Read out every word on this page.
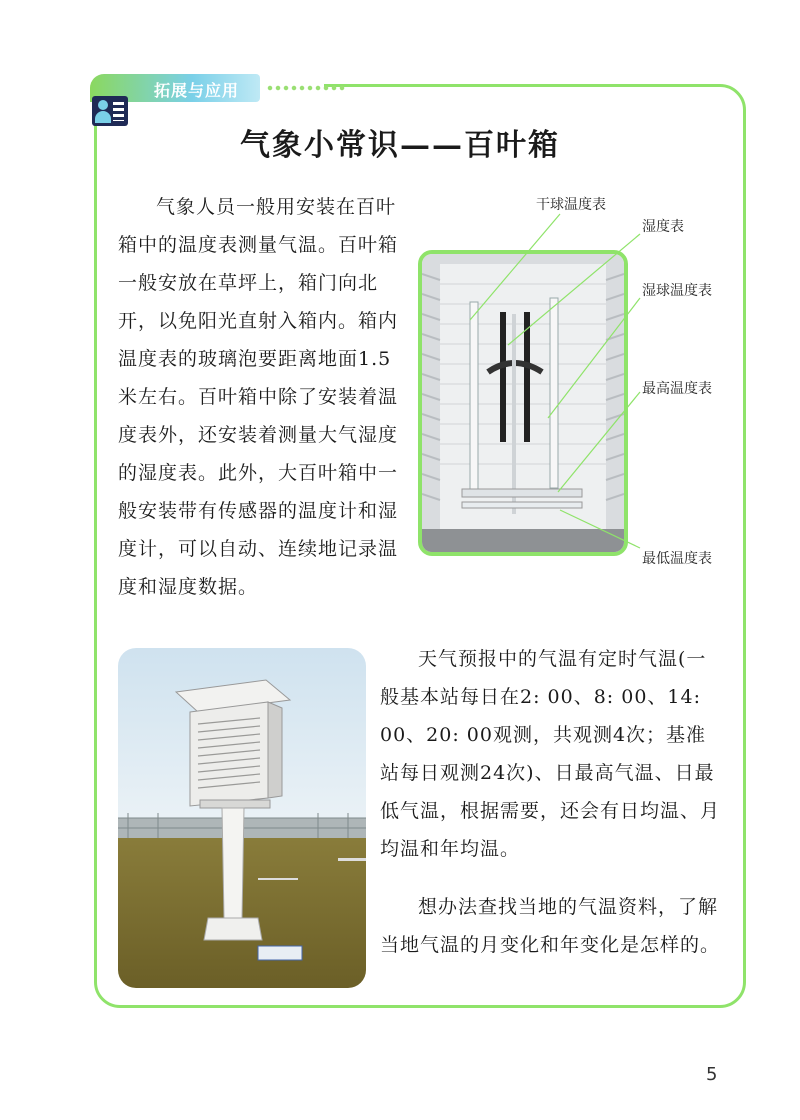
拓展与应用
气象小常识——百叶箱
气象人员一般用安装在百叶箱中的温度表测量气温。百叶箱一般安放在草坪上，箱门向北开，以免阳光直射入箱内。箱内温度表的玻璃泡要距离地面1.5米左右。百叶箱中除了安装着温度表外，还安装着测量大气湿度的湿度表。此外，大百叶箱中一般安装带有传感器的温度计和湿度计，可以自动、连续地记录温度和湿度数据。
干球温度表
湿度表
湿球温度表
最高温度表
最低温度表
天气预报中的气温有定时气温(一般基本站每日在2: 00、8: 00、14: 00、20: 00观测，共观测4次；基准站每日观测24次)、日最高气温、日最低气温，根据需要，还会有日均温、月均温和年均温。
想办法查找当地的气温资料，了解当地气温的月变化和年变化是怎样的。
5
